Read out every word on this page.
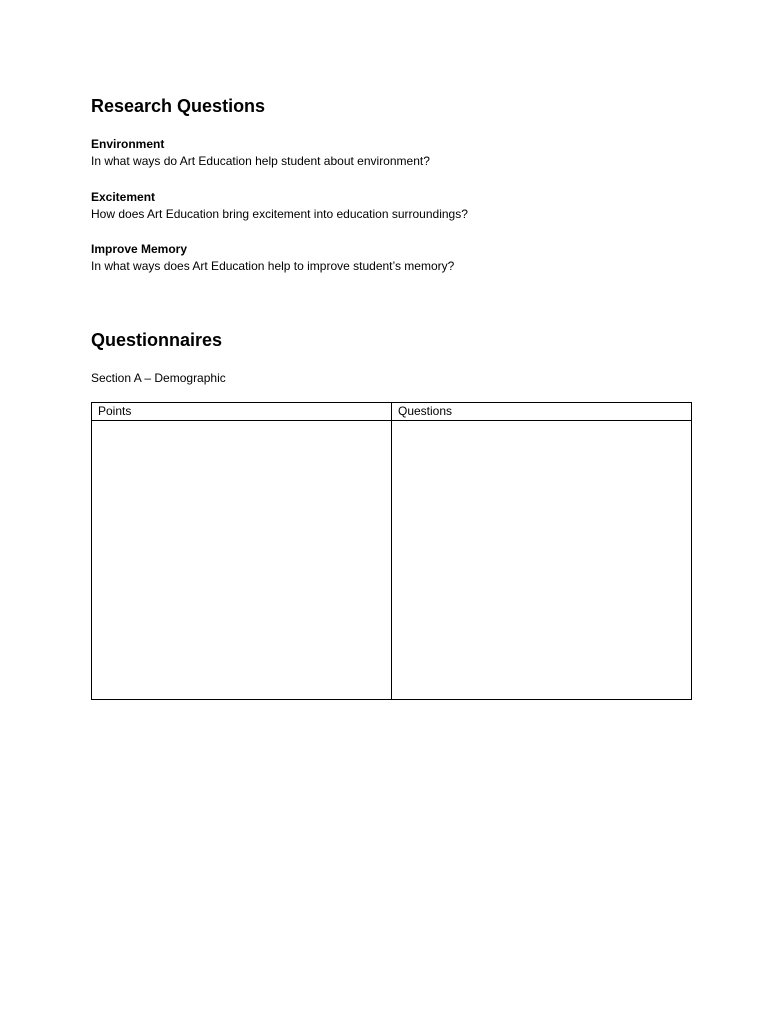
Research Questions
Environment
In what ways do Art Education help student about environment?
Excitement
How does Art Education bring excitement into education surroundings?
Improve Memory
In what ways does Art Education help to improve student’s memory?
Questionnaires
Section A – Demographic
Points	Questions
